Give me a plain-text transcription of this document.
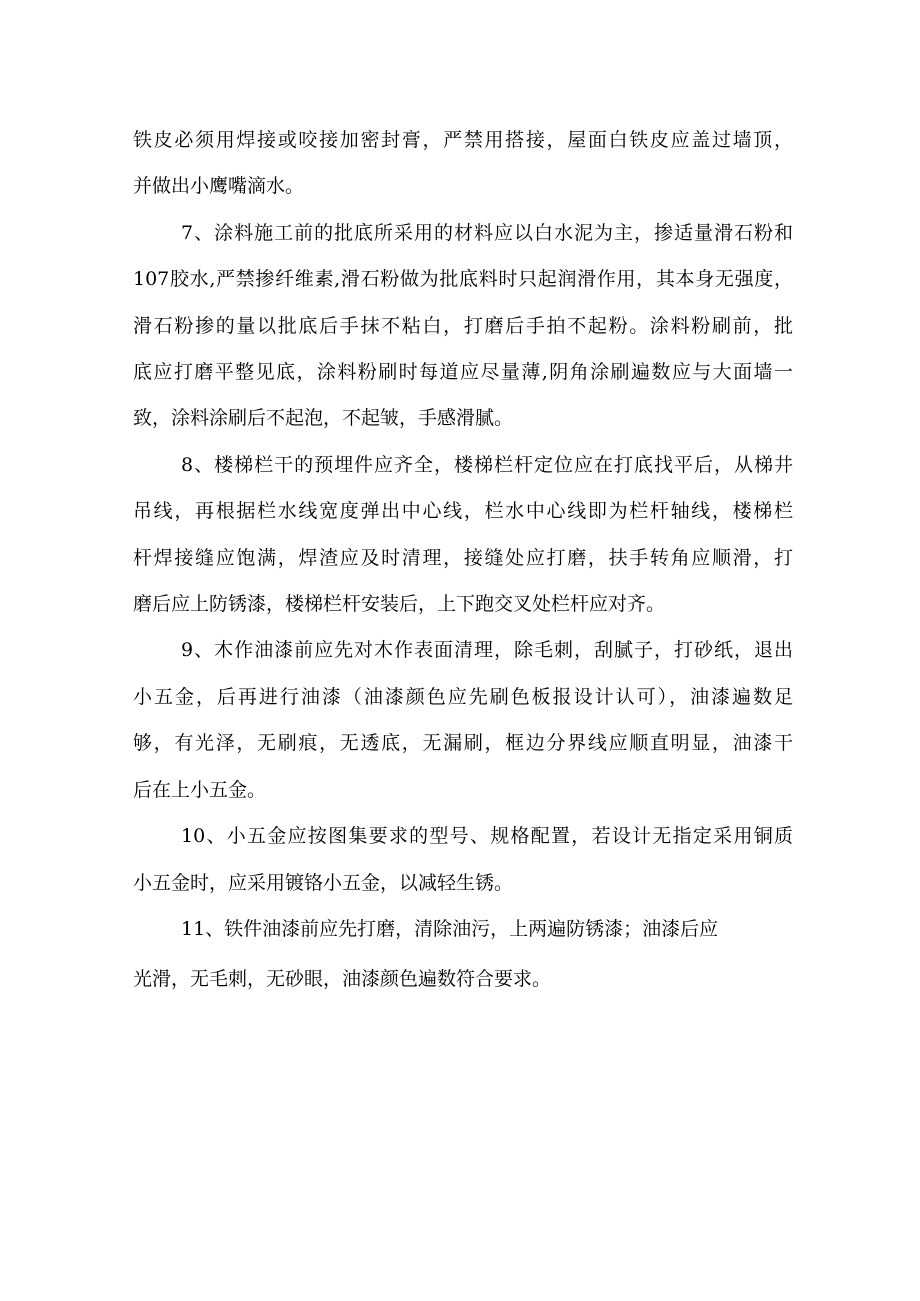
铁皮必须用焊接或咬接加密封膏，严禁用搭接，屋面白铁皮应盖过墙顶，

并做出小鹰嘴滴水。

7、涂料施工前的批底所采用的材料应以白水泥为主，掺适量滑石粉和

107胶水,严禁掺纤维素,滑石粉做为批底料时只起润滑作用，其本身无强度，

滑石粉掺的量以批底后手抹不粘白，打磨后手拍不起粉。涂料粉刷前，批

底应打磨平整见底，涂料粉刷时每道应尽量薄,阴角涂刷遍数应与大面墙一

致，涂料涂刷后不起泡，不起皱，手感滑腻。

8、楼梯栏干的预埋件应齐全，楼梯栏杆定位应在打底找平后，从梯井

吊线，再根据栏水线宽度弹出中心线，栏水中心线即为栏杆轴线，楼梯栏

杆焊接缝应饱满，焊渣应及时清理，接缝处应打磨，扶手转角应顺滑，打

磨后应上防锈漆，楼梯栏杆安装后，上下跑交叉处栏杆应对齐。

9、木作油漆前应先对木作表面清理，除毛刺，刮腻子，打砂纸，退出

小五金，后再进行油漆（油漆颜色应先刷色板报设计认可），油漆遍数足

够，有光泽，无刷痕，无透底，无漏刷，框边分界线应顺直明显，油漆干

后在上小五金。

10、小五金应按图集要求的型号、规格配置，若设计无指定采用铜质

小五金时，应采用镀铬小五金，以减轻生锈。

11、铁件油漆前应先打磨，清除油污，上两遍防锈漆；油漆后应

光滑，无毛刺，无砂眼，油漆颜色遍数符合要求。
